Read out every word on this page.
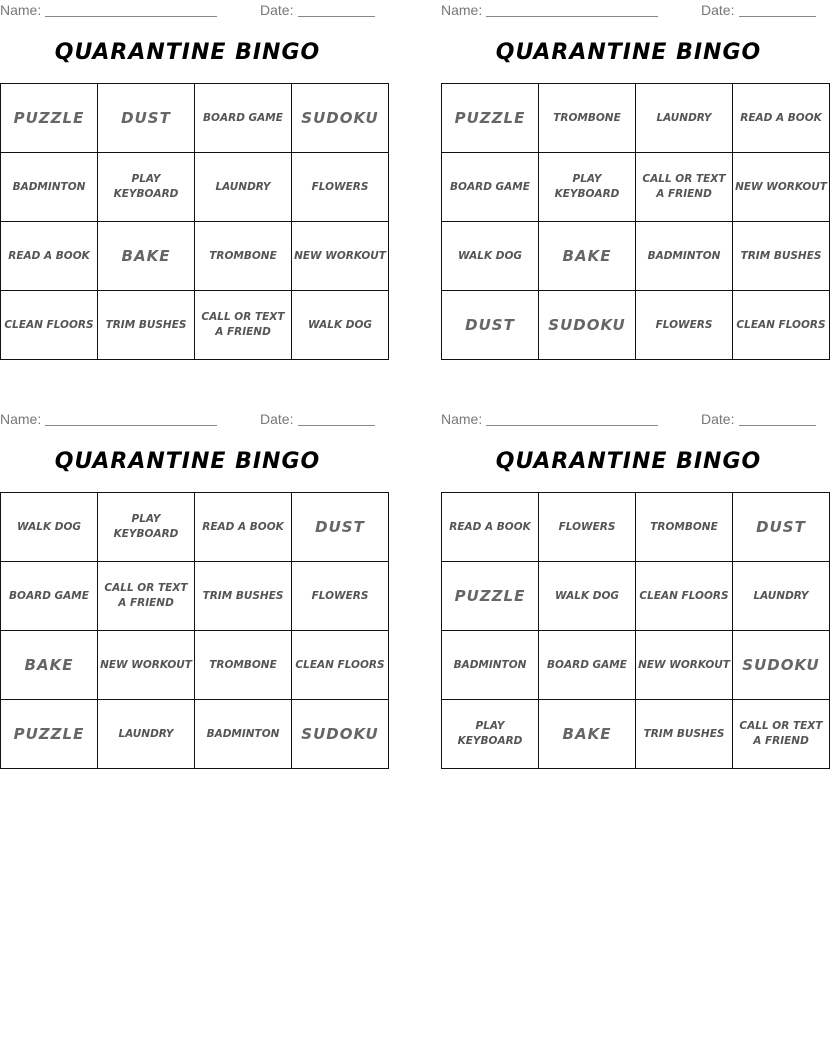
Name:	Date:
QUARANTINE BINGO
PUZZLE	DUST	BOARD GAME	SUDOKU
BADMINTON	PLAY KEYBOARD	LAUNDRY	FLOWERS
READ A BOOK	BAKE	TROMBONE	NEW WORKOUT
CLEAN FLOORS	TRIM BUSHES	CALL OR TEXT A FRIEND	WALK DOG
Name:	Date:
QUARANTINE BINGO
PUZZLE	TROMBONE	LAUNDRY	READ A BOOK
BOARD GAME	PLAY KEYBOARD	CALL OR TEXT A FRIEND	NEW WORKOUT
WALK DOG	BAKE	BADMINTON	TRIM BUSHES
DUST	SUDOKU	FLOWERS	CLEAN FLOORS
Name:	Date:
QUARANTINE BINGO
WALK DOG	PLAY KEYBOARD	READ A BOOK	DUST
BOARD GAME	CALL OR TEXT A FRIEND	TRIM BUSHES	FLOWERS
BAKE	NEW WORKOUT	TROMBONE	CLEAN FLOORS
PUZZLE	LAUNDRY	BADMINTON	SUDOKU
Name:	Date:
QUARANTINE BINGO
READ A BOOK	FLOWERS	TROMBONE	DUST
PUZZLE	WALK DOG	CLEAN FLOORS	LAUNDRY
BADMINTON	BOARD GAME	NEW WORKOUT	SUDOKU
PLAY KEYBOARD	BAKE	TRIM BUSHES	CALL OR TEXT A FRIEND
